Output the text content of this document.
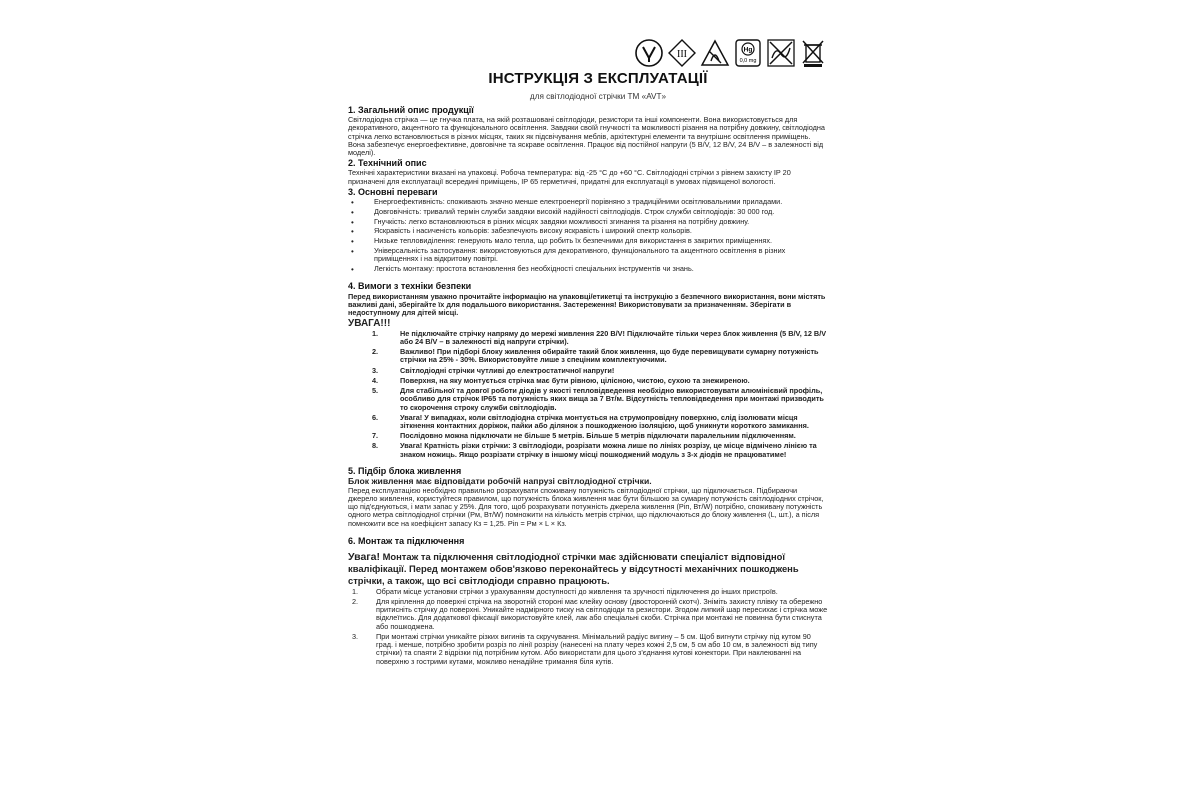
III	Hg
0,0 mg
ІНСТРУКЦІЯ З ЕКСПЛУАТАЦІЇ
для світлодіодної стрічки ТМ «AVT»
1. Загальний опис продукції
Світлодіодна стрічка — це гнучка плата, на якій розташовані світлодіоди, резистори та інші компоненти. Вона використовується для декоративного, акцентного та функціонального освітлення. Завдяки своїй гнучкості та можливості різання на потрібну довжину, світлодіодна стрічка легко встановлюється в різних місцях, таких як підсвічування меблів, архітектурні елементи та внутрішнє освітлення приміщень. Вона забезпечує енергоефективне, довговічне та яскраве освітлення. Працює від постійної напруги (5 В/V, 12 В/V, 24 В/V – в залежності від моделі).
2. Технічний опис
Технічні характеристики вказані на упаковці. Робоча температура: від -25 °С до +60 °С. Світлодіодні стрічки з рівнем захисту IP 20 призначені для експлуатації всередині приміщень, IP 65 герметичні, придатні для експлуатації в умовах підвищеної вологості.
3. Основні переваги
• Енергоефективність: споживають значно менше електроенергії порівняно з традиційними освітлювальними приладами.
• Довговічність: тривалий термін служби завдяки високій надійності світлодіодів. Строк служби світлодіодів: 30 000 год.
• Гнучкість: легко встановлюються в різних місцях завдяки можливості згинання та різання на потрібну довжину.
• Яскравість і насиченість кольорів: забезпечують високу яскравість і широкий спектр кольорів.
• Низьке тепловиділення: генерують мало тепла, що робить їх безпечними для використання в закритих приміщеннях.
• Універсальність застосування: використовуються для декоративного, функціонального та акцентного освітлення в різних приміщеннях і на відкритому повітрі.
• Легкість монтажу: простота встановлення без необхідності спеціальних інструментів чи знань.
4. Вимоги з техніки безпеки
Перед використанням уважно прочитайте інформацію на упаковці/етикетці та інструкцію з безпечного використання, вони містять важливі дані, зберігайте їх для подальшого використання. Застереження! Використовувати за призначенням. Зберігати в недоступному для дітей місці.
УВАГА!!!
1.	Не підключайте стрічку напряму до мережі живлення 220 В/V! Підключайте тільки через блок живлення (5 В/V, 12 В/V або 24 В/V – в залежності від напруги стрічки).
2.	Важливо! При підборі блоку живлення обирайте такий блок живлення, що буде перевищувати сумарну потужність стрічки на 25% - 30%. Використовуйте лише з спеціним комплектуючими.
3.	Світлодіодні стрічки чутливі до електростатичної напруги!
4.	Поверхня, на яку монтується стрічка має бути рівною, цілісною, чистою, сухою та знежиреною.
5.	Для стабільної та довгої роботи діодів у якості тепловідведення необхідно використовувати алюмінієвий профіль, особливо для стрічок IP65 та потужність яких вища за 7 Вт/м. Відсутність тепловідведення при монтажі призводить то скорочення строку служби світлодіодів.
6.	Увага! У випадках, коли світлодіодна стрічка монтується на струмопровідну поверхню, слід ізолювати місця зіткнення контактних доріжок, пайки або ділянок з пошкодженою ізоляцією, щоб уникнути короткого замикання.
7.	Послідовно можна підключати не більше 5 метрів. Більше 5 метрів підключати паралельним підключенням.
8.	Увага! Кратність різки стрічки: 3 світлодіоди, розрізати можна лише по лініях розрізу, це місце відмічено лінією та знаком ножиць. Якщо розрізати стрічку в іншому місці пошкоджений модуль з 3-х діодів не працюватиме!
5. Підбір блока живлення
Блок живлення має відповідати робочій напрузі світлодіодної стрічки.
Перед експлуатацією необхідно правильно розрахувати споживану потужність світлодіодної стрічки, що підключається. Підбираючи джерело живлення, користуйтеся правилом, що потужність блока живлення має бути більшою за сумарну потужність світлодіодних стрічок, що під'єднуються, і мати запас у 25%. Для того, щоб розрахувати потужність джерела живлення (Ріп, Вт/W) потрібно, споживану потужність одного метра світлодіодної стрічки (Рм, Вт/W) помножити на кількість метрів стрічки, що підключаються до блоку живлення (L, шт.), а після помножити все на коефіцієнт запасу Кз = 1,25. Pin = Рм × L × Кз.
6. Монтаж та підключення
Увага! Монтаж та підключення світлодіодної стрічки має здійснювати спеціаліст відповідної кваліфікації. Перед монтажем обов'язково переконайтесь у відсутності механічних пошкоджень стрічки, а також, що всі світлодіоди справно працюють.
1.	Обрати місце установки стрічки з урахуванням доступності до живлення та зручності підключення до інших пристроїв.
2.	Для кріплення до поверхні стрічка на зворотній стороні має клейку основу (двосторонній скотч). Зніміть захисту плівку та обережно притисніть стрічку до поверхні. Уникайте надмірного тиску на світлодіоди та резистори. Згодом липкий шар пересихає і стрічка може відклеїтись. Для додаткової фіксації використовуйте клей, лак або спеціальні скоби. Стрічка при монтажі не повинна бути стиснута або пошкоджена.
3.	При монтажі стрічки уникайте різких вигинів та скручування. Мінімальний радіус вигину – 5 см. Щоб вигнути стрічку під кутом 90 град. і менше, потрібно зробити розріз по лінії розрізу (нанесені на плату через кожні 2,5 см, 5 см або 10 см, в залежності від типу стрічки) та спаяти 2 відрізки під потрібним кутом. Або використати для цього з'єднання кутові конектори. При наклеюванні на поверхню з гострими кутами, можливо ненадійне тримання біля кутів.
